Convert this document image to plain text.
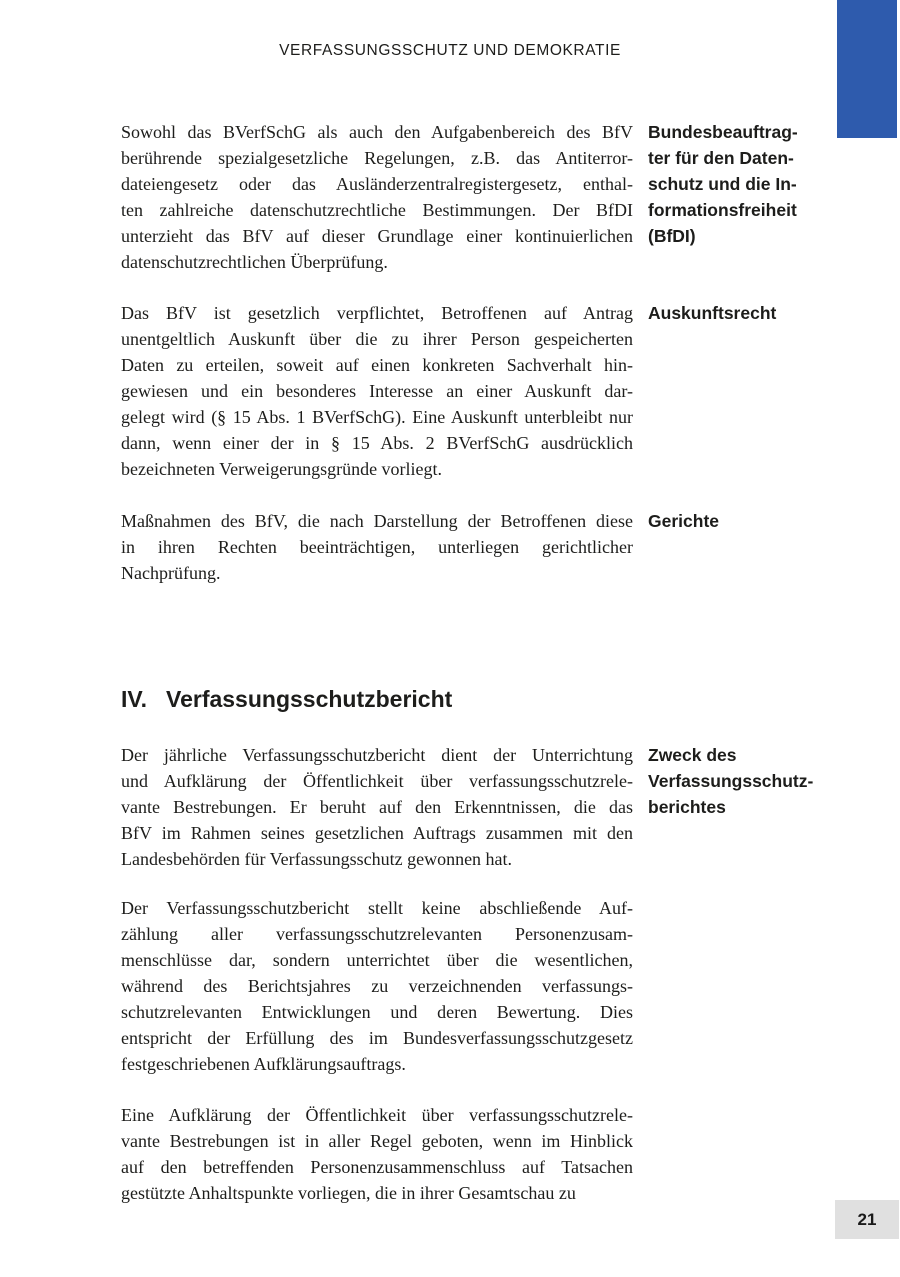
VERFASSUNGSSCHUTZ UND DEMOKRATIE
Sowohl das BVerfSchG als auch den Aufgabenbereich des BfV
berührende spezialgesetzliche Regelungen, z.B. das Antiterror-
dateiengesetz oder das Ausländerzentralregistergesetz, enthal-
ten zahlreiche datenschutzrechtliche Bestimmungen. Der BfDI
unterzieht das BfV auf dieser Grundlage einer kontinuierlichen
datenschutzrechtlichen Überprüfung.
Bundesbeauftrag-
ter für den Daten-
schutz und die In-
formationsfreiheit
(BfDI)
Das BfV ist gesetzlich verpflichtet, Betroffenen auf Antrag
unentgeltlich Auskunft über die zu ihrer Person gespeicherten
Daten zu erteilen, soweit auf einen konkreten Sachverhalt hin-
gewiesen und ein besonderes Interesse an einer Auskunft dar-
gelegt wird (§ 15 Abs. 1 BVerfSchG). Eine Auskunft unterbleibt nur
dann, wenn einer der in § 15 Abs. 2 BVerfSchG ausdrücklich
bezeichneten Verweigerungsgründe vorliegt.
Auskunftsrecht
Maßnahmen des BfV, die nach Darstellung der Betroffenen diese
in ihren Rechten beeinträchtigen, unterliegen gerichtlicher
Nachprüfung.
Gerichte
IV. Verfassungsschutzbericht
Der jährliche Verfassungsschutzbericht dient der Unterrichtung
und Aufklärung der Öffentlichkeit über verfassungsschutzrele-
vante Bestrebungen. Er beruht auf den Erkenntnissen, die das
BfV im Rahmen seines gesetzlichen Auftrags zusammen mit den
Landesbehörden für Verfassungsschutz gewonnen hat.
Zweck des
Verfassungsschutz-
berichtes
Der Verfassungsschutzbericht stellt keine abschließende Auf-
zählung aller verfassungsschutzrelevanten Personenzusam-
menschlüsse dar, sondern unterrichtet über die wesentlichen,
während des Berichtsjahres zu verzeichnenden verfassungs-
schutzrelevanten Entwicklungen und deren Bewertung. Dies
entspricht der Erfüllung des im Bundesverfassungsschutzgesetz
festgeschriebenen Aufklärungsauftrags.
Eine Aufklärung der Öffentlichkeit über verfassungsschutzrele-
vante Bestrebungen ist in aller Regel geboten, wenn im Hinblick
auf den betreffenden Personenzusammenschluss auf Tatsachen
gestützte Anhaltspunkte vorliegen, die in ihrer Gesamtschau zu
21
